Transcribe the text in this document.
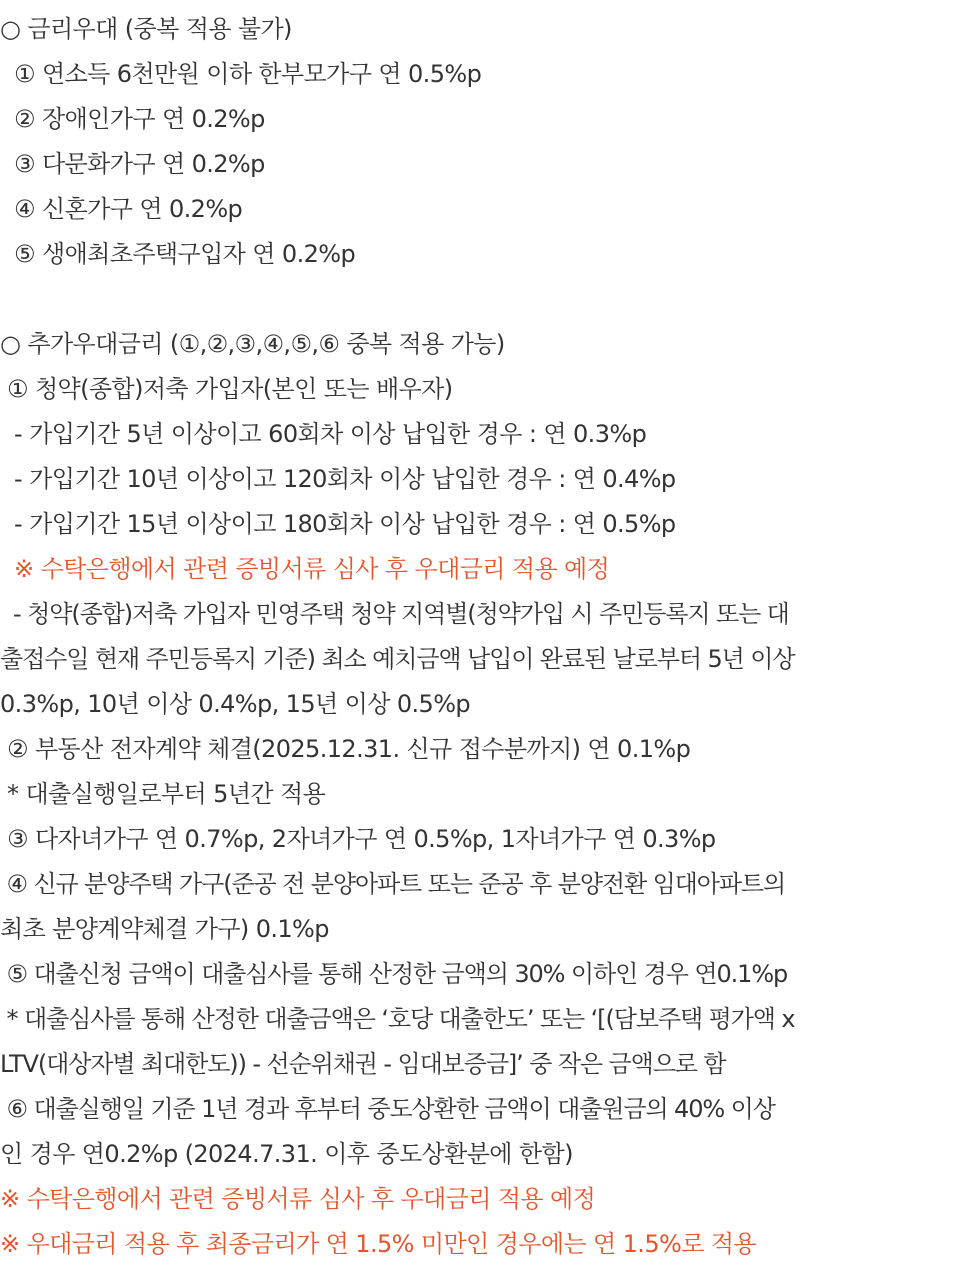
○ 금리우대 (중복 적용 불가)
① 연소득 6천만원 이하 한부모가구 연 0.5%p
② 장애인가구 연 0.2%p
③ 다문화가구 연 0.2%p
④ 신혼가구 연 0.2%p
⑤ 생애최초주택구입자 연 0.2%p
○ 추가우대금리 (①,②,③,④,⑤,⑥ 중복 적용 가능)
① 청약(종합)저축 가입자(본인 또는 배우자)
- 가입기간 5년 이상이고 60회차 이상 납입한 경우 : 연 0.3%p
- 가입기간 10년 이상이고 120회차 이상 납입한 경우 : 연 0.4%p
- 가입기간 15년 이상이고 180회차 이상 납입한 경우 : 연 0.5%p
※ 수탁은행에서 관련 증빙서류 심사 후 우대금리 적용 예정
- 청약(종합)저축 가입자 민영주택 청약 지역별(청약가입 시 주민등록지 또는 대
출접수일 현재 주민등록지 기준) 최소 예치금액 납입이 완료된 날로부터 5년 이상
0.3%p, 10년 이상 0.4%p, 15년 이상 0.5%p
② 부동산 전자계약 체결(2025.12.31. 신규 접수분까지) 연 0.1%p
* 대출실행일로부터 5년간 적용
③ 다자녀가구 연 0.7%p, 2자녀가구 연 0.5%p, 1자녀가구 연 0.3%p
④ 신규 분양주택 가구(준공 전 분양아파트 또는 준공 후 분양전환 임대아파트의
최초 분양계약체결 가구) 0.1%p
⑤ 대출신청 금액이 대출심사를 통해 산정한 금액의 30% 이하인 경우 연0.1%p
* 대출심사를 통해 산정한 대출금액은 ‘호당 대출한도’ 또는 ‘[(담보주택 평가액 x
LTV(대상자별 최대한도)) - 선순위채권 - 임대보증금]’ 중 작은 금액으로 함
⑥ 대출실행일 기준 1년 경과 후부터 중도상환한 금액이 대출원금의 40% 이상
인 경우 연0.2%p (2024.7.31. 이후 중도상환분에 한함)
※ 수탁은행에서 관련 증빙서류 심사 후 우대금리 적용 예정
※ 우대금리 적용 후 최종금리가 연 1.5% 미만인 경우에는 연 1.5%로 적용
